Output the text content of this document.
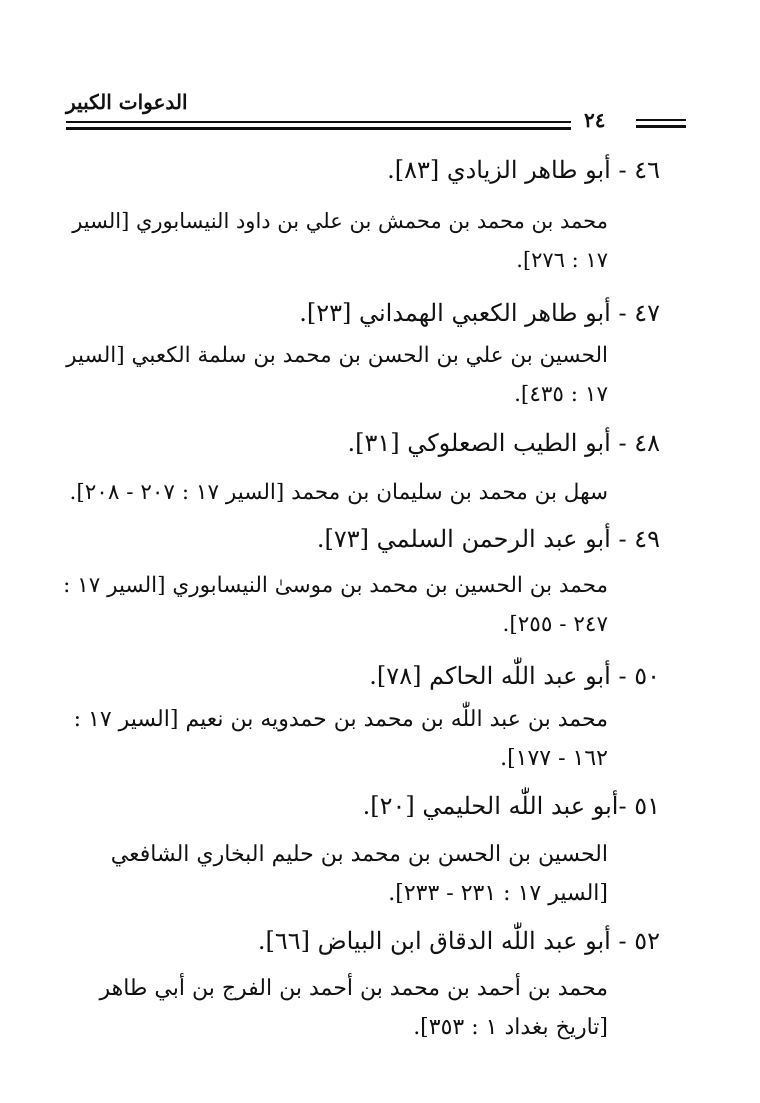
الدعوات الكبير
٢٤
٤٦ - أبو طاهر الزيادي [٨٣].
محمد بن محمد بن محمش بن علي بن داود النيسابوري [السير
١٧ : ٢٧٦].
٤٧ - أبو طاهر الكعبي الهمداني [٢٣].
الحسين بن علي بن الحسن بن محمد بن سلمة الكعبي [السير
١٧ : ٤٣٥].
٤٨ - أبو الطيب الصعلوكي [٣١].
سهل بن محمد بن سليمان بن محمد [السير ١٧ : ٢٠٧ - ٢٠٨].
٤٩ - أبو عبد الرحمن السلمي [٧٣].
محمد بن الحسين بن محمد بن موسىٰ النيسابوري [السير ١٧ :
٢٤٧ - ٢٥٥].
٥٠ - أبو عبد اللّٰه الحاكم [٧٨].
محمد بن عبد اللّٰه بن محمد بن حمدويه بن نعيم [السير ١٧ :
١٦٢ - ١٧٧].
٥١ -أبو عبد اللّٰه الحليمي [٢٠].
الحسين بن الحسن بن محمد بن حليم البخاري الشافعي
[السير ١٧ : ٢٣١ - ٢٣٣].
٥٢ - أبو عبد اللّٰه الدقاق ابن البياض [٦٦].
محمد بن أحمد بن محمد بن أحمد بن الفرج بن أبي طاهر
[تاريخ بغداد ١ : ٣٥٣].
